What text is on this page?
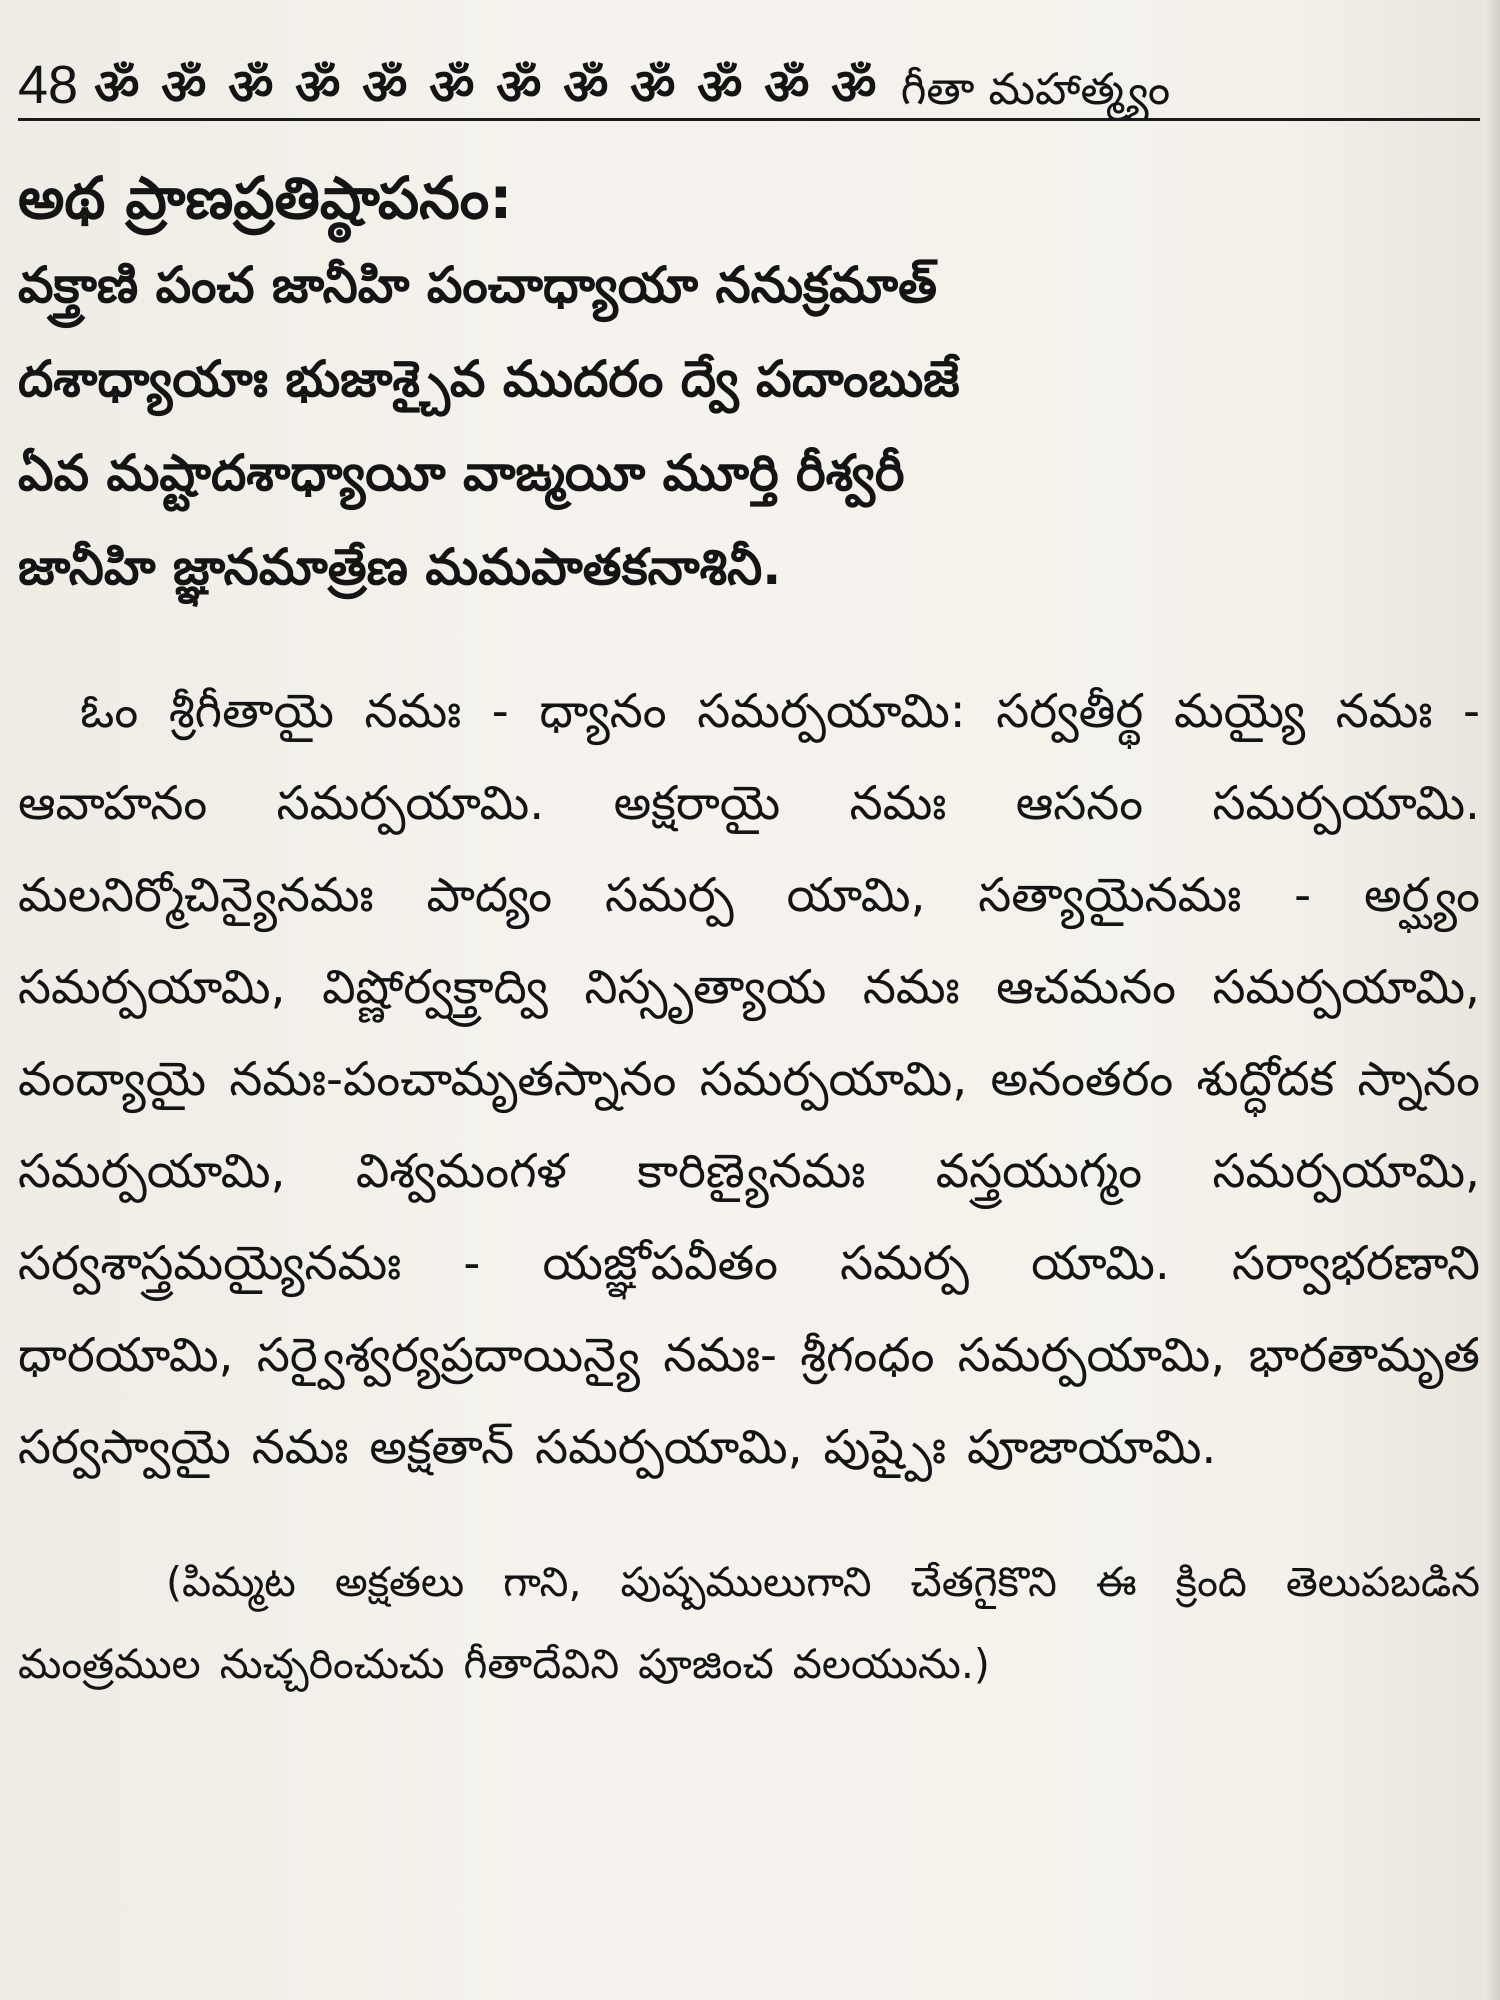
48 ॐ ॐ ॐ ॐ ॐ ॐ ॐ ॐ ॐ ॐ ॐ ॐ గీతా మహాత్మ్యం
అథ ప్రాణప్రతిష్ఠాపనం:
వక్త్రాణి పంచ జానీహి పంచాధ్యాయా ననుక్రమాత్
దశాధ్యాయాః భుజాశ్చైవ ముదరం ద్వే పదాంబుజే
ఏవ మష్టాదశాధ్యాయీ వాఙ్మయీ మూర్తి రీశ్వరీ
జానీహి జ్ఞానమాత్రేణ మమపాతకనాశినీ.

ఓం శ్రీగీతాయై నమః - ధ్యానం సమర్పయామి: సర్వతీర్థ మయ్యై నమః - ఆవాహనం సమర్పయామి. అక్షరాయై నమః ఆసనం సమర్పయామి. మలనిర్మోచిన్యైనమః పాద్యం సమర్ప యామి, సత్యాయైనమః - అర్ఘ్యం సమర్పయామి, విష్ణోర్వక్త్రాద్వి నిస్సృత్యాయ నమః ఆచమనం సమర్పయామి, వంద్యాయై నమః-పంచామృతస్నానం సమర్పయామి, అనంతరం శుద్ధోదక స్నానం సమర్పయామి, విశ్వమంగళ కారిణ్యైనమః వస్త్రయుగ్మం సమర్పయామి, సర్వశాస్త్రమయ్యైనమః - యజ్ఞోపవీతం సమర్ప యామి. సర్వాభరణాని ధారయామి, సర్వైశ్వర్యప్రదాయిన్యై నమః- శ్రీగంధం సమర్పయామి, భారతామృత సర్వస్వాయై నమః అక్షతాన్ సమర్పయామి, పుష్పైః పూజాయామి.

(పిమ్మట అక్షతలు గాని, పుష్పములుగాని చేతగైకొని ఈ క్రింది తెలుపబడిన మంత్రముల నుచ్చరించుచు గీతాదేవిని పూజించ వలయును.)
